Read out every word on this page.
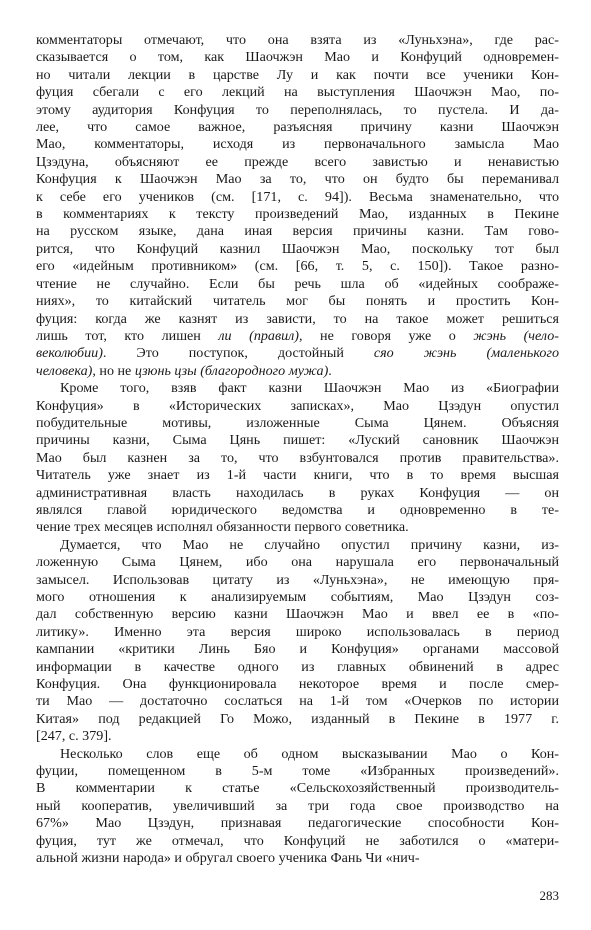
комментаторы отмечают, что она взята из «Луньхэна», где рас-
сказывается о том, как Шаочжэн Мао и Конфуций одновремен-
но читали лекции в царстве Лу и как почти все ученики Кон-
фуция сбегали с его лекций на выступления Шаочжэн Мао, по-
этому аудитория Конфуция то переполнялась, то пустела. И да-
лее, что самое важное, разъясняя причину казни Шаочжэн
Мао, комментаторы, исходя из первоначального замысла Мао
Цзэдуна, объясняют ее прежде всего завистью и ненавистью
Конфуция к Шаочжэн Мао за то, что он будто бы переманивал
к себе его учеников (см. [171, с. 94]). Весьма знаменательно, что
в комментариях к тексту произведений Мао, изданных в Пекине
на русском языке, дана иная версия причины казни. Там гово-
рится, что Конфуций казнил Шаочжэн Мао, поскольку тот был
его «идейным противником» (см. [66, т. 5, с. 150]). Такое разно-
чтение не случайно. Если бы речь шла об «идейных соображе-
ниях», то китайский читатель мог бы понять и простить Кон-
фуция: когда же казнят из зависти, то на такое может решиться
лишь тот, кто лишен ли (правил), не говоря уже о жэнь (чело-
веколюбии). Это поступок, достойный сяо жэнь (маленького
человека), но не цзюнь цзы (благородного мужа).
Кроме того, взяв факт казни Шаочжэн Мао из «Биографии
Конфуция» в «Исторических записках», Мао Цзэдун опустил
побудительные мотивы, изложенные Сыма Цянем. Объясняя
причины казни, Сыма Цянь пишет: «Луский сановник Шаочжэн
Мао был казнен за то, что взбунтовался против правительства».
Читатель уже знает из 1-й части книги, что в то время высшая
административная власть находилась в руках Конфуция — он
являлся главой юридического ведомства и одновременно в те-
чение трех месяцев исполнял обязанности первого советника.
Думается, что Мао не случайно опустил причину казни, из-
ложенную Сыма Цянем, ибо она нарушала его первоначальный
замысел. Использовав цитату из «Луньхэна», не имеющую пря-
мого отношения к анализируемым событиям, Мао Цзэдун соз-
дал собственную версию казни Шаочжэн Мао и ввел ее в «по-
литику». Именно эта версия широко использовалась в период
кампании «критики Линь Бяо и Конфуция» органами массовой
информации в качестве одного из главных обвинений в адрес
Конфуция. Она функционировала некоторое время и после смер-
ти Мао — достаточно сослаться на 1-й том «Очерков по истории
Китая» под редакцией Го Можо, изданный в Пекине в 1977 г.
[247, с. 379].
Несколько слов еще об одном высказывании Мао о Кон-
фуции, помещенном в 5-м томе «Избранных произведений».
В комментарии к статье «Сельскохозяйственный производитель-
ный кооператив, увеличивший за три года свое производство на
67%» Мао Цзэдун, признавая педагогические способности Кон-
фуция, тут же отмечал, что Конфуций не заботился о «матери-
альной жизни народа» и обругал своего ученика Фань Чи «нич-
283
